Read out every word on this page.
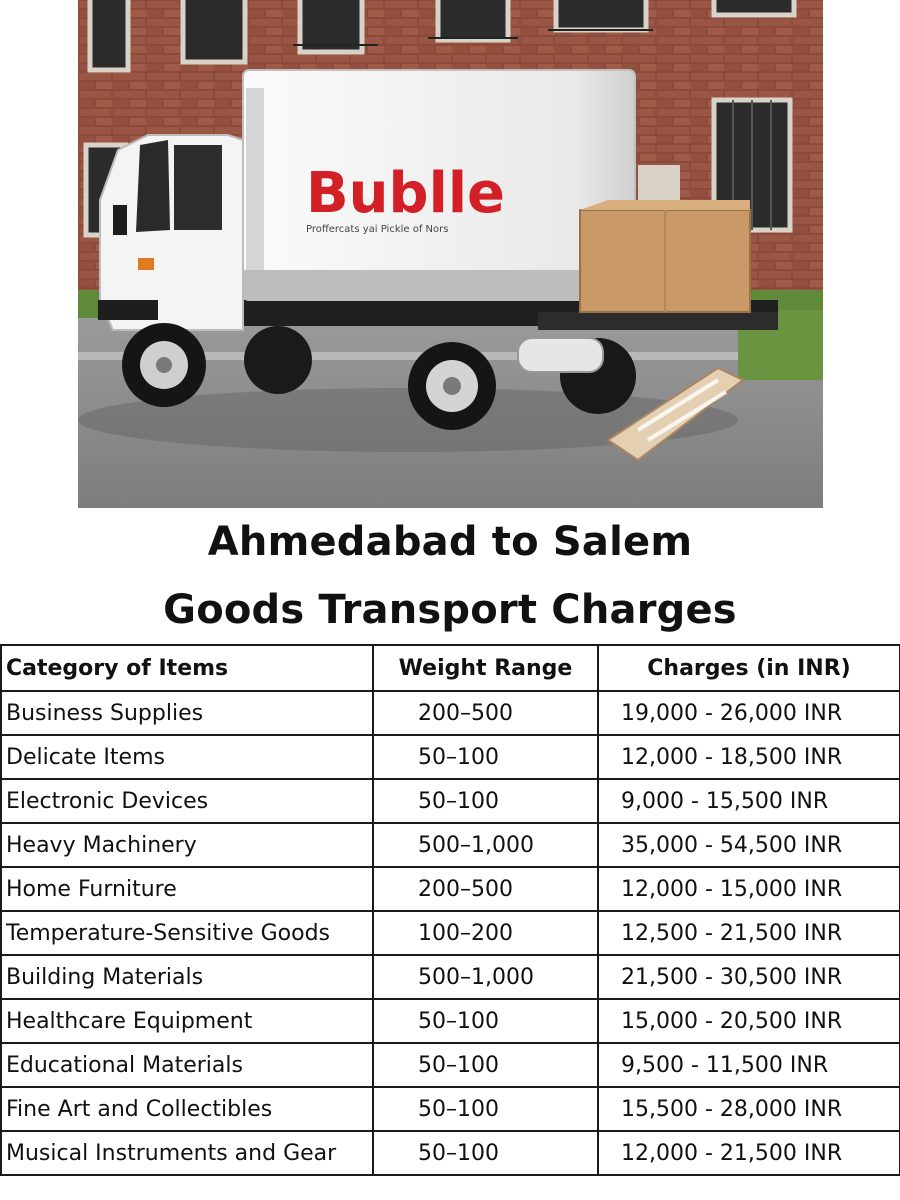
Bublle
Proffercats yai Pickle of Nors
Ahmedabad to Salem
Goods Transport Charges
Category of Items	Weight Range	Charges (in INR)
Business Supplies	200–500	19,000 - 26,000 INR
Delicate Items	50–100	12,000 - 18,500 INR
Electronic Devices	50–100	9,000 - 15,500 INR
Heavy Machinery	500–1,000	35,000 - 54,500 INR
Home Furniture	200–500	12,000 - 15,000 INR
Temperature-Sensitive Goods	100–200	12,500 - 21,500 INR
Building Materials	500–1,000	21,500 - 30,500 INR
Healthcare Equipment	50–100	15,000 - 20,500 INR
Educational Materials	50–100	9,500 - 11,500 INR
Fine Art and Collectibles	50–100	15,500 - 28,000 INR
Musical Instruments and Gear	50–100	12,000 - 21,500 INR
